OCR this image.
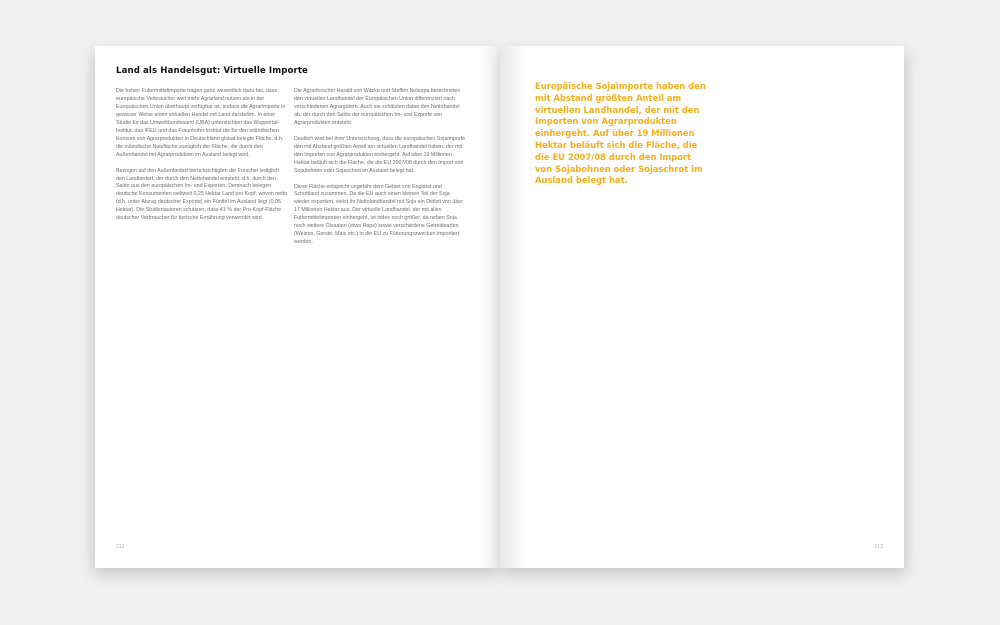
Land als Handelsgut: Virtuelle Importe

Die hohen Futtermittelimporte tragen ganz wesentlich dazu bei, dass europäische Verbraucher weit mehr Agrarland nutzen als in der Europäischen Union überhaupt verfügbar ist, sodass die Agrarimporte in gewisser Weise einen virtuellen Handel mit Land darstellen. In einer Studie für das Umweltbundesamt (UBA) untersuchten das Wuppertal-Institut, das IFEU und das Fraunhofer Institut die für den inländischen Konsum von Agrarprodukten in Deutschland global belegte Fläche, d.h. die inländische Nutzfläche zuzüglich der Fläche, die durch den Außenhandel mit Agrarprodukten im Ausland belegt wird.

Bezogen auf den Außenbedarf berücksichtigten die Forscher lediglich den Landbedarf, der durch den Nettohandel entsteht, d.h. durch den Saldo aus den europäischen Im- und Exporten. Demnach belegen deutsche Konsumenten weltweit 0,25 Hektar Land pro Kopf, wovon netto (d.h. unter Abzug deutscher Exporte) ein Fünftel im Ausland liegt (0,05 Hektar). Die Studienautoren schätzen, dass 41 % der Pro-Kopf-Fläche deutscher Verbraucher für tierische Ernährung verwendet wird.

Die Agrarforscher Harald von Witzke und Steffen Noleppa berechneten den virtuellen Landhandel der Europäischen Union differenziert nach verschiedenen Agrargütern. Auch sie schätzten dabei den Nettohandel ab, der durch den Saldo der europäischen Im- und Exporte von Agrarprodukten entsteht.

Deutlich wird bei ihrer Untersuchung, dass die europäischen Sojaimporte den mit Abstand größten Anteil am virtuellen Landhandel haben, der mit den Importen von Agrarprodukten einhergeht. Auf über 19 Millionen Hektar beläuft sich die Fläche, die die EU 2007/08 durch den Import von Sojabohnen oder Sojaschrot im Ausland belegt hat.

Diese Fläche entspricht ungefähr dem Gebiet von England und Schottland zusammen. Da die EU auch einen kleinen Teil der Soja wieder exportiert, weist ihr Nettolandhandel mit Soja ein Defizit von über 17 Millionen Hektar aus. Der virtuelle Landhandel, der mit allen Futtermittelimporten einhergeht, ist indes noch größer, da neben Soja noch weitere Ölsaaten (etwa Raps) sowie verschiedene Getreidearten (Weizen, Gerste, Mais etc.) in die EU zu Fütterungszwecken importiert werden.

212
Europäische Sojaimporte haben den mit Abstand größten Anteil am virtuellen Landhandel, der mit den Importen von Agrarprodukten einhergeht. Auf über 19 Millionen Hektar beläuft sich die Fläche, die die EU 2007/08 durch den Import von Sojabohnen oder Sojaschrot im Ausland belegt hat.
213
